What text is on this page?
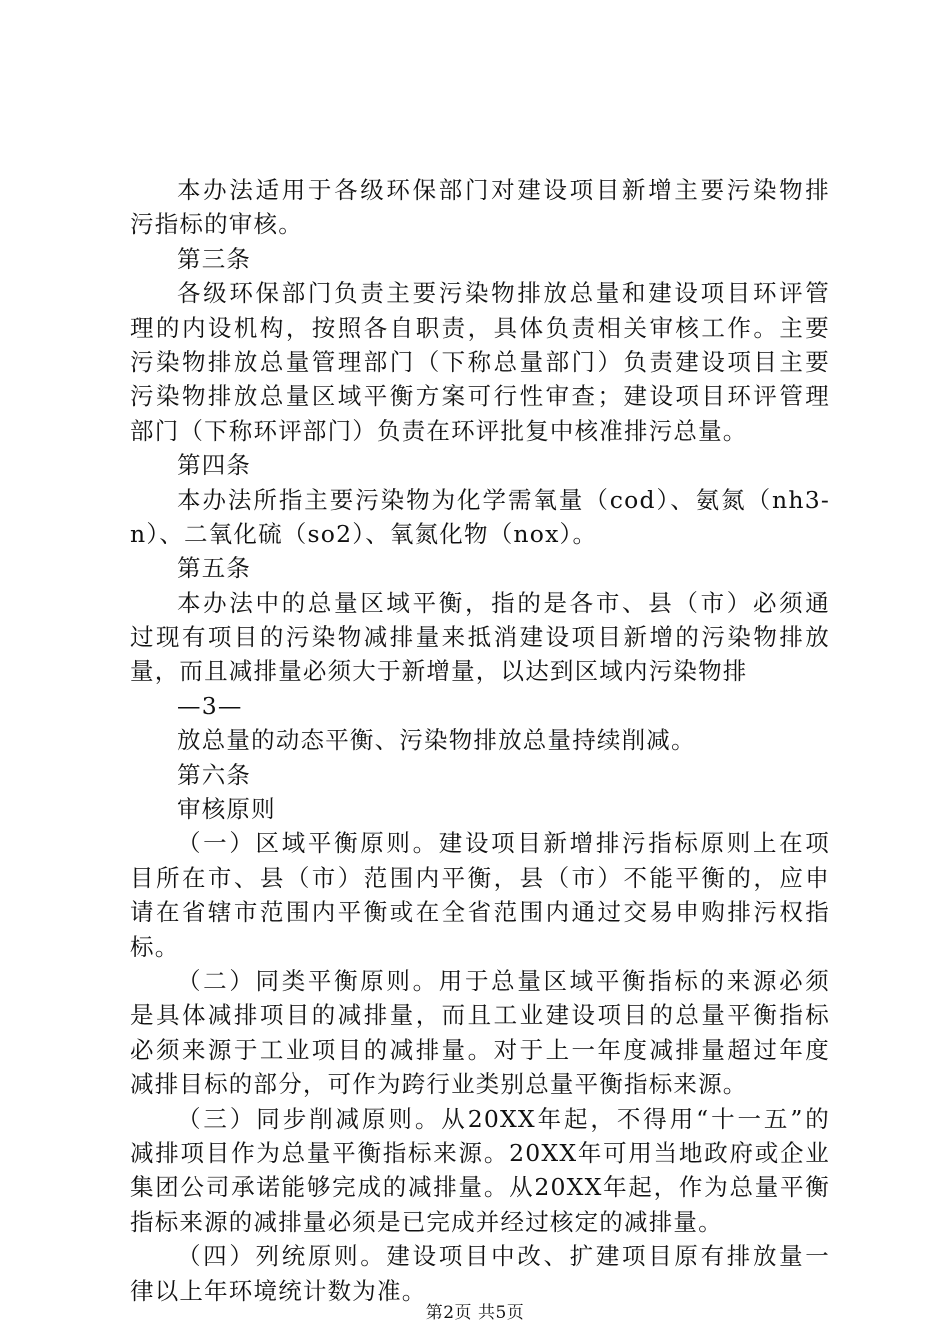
本办法适用于各级环保部门对建设项目新增主要污染物排
污指标的审核。
第三条
各级环保部门负责主要污染物排放总量和建设项目环评管
理的内设机构，按照各自职责，具体负责相关审核工作。主要
污染物排放总量管理部门（下称总量部门）负责建设项目主要
污染物排放总量区域平衡方案可行性审查；建设项目环评管理
部门（下称环评部门）负责在环评批复中核准排污总量。
第四条
本办法所指主要污染物为化学需氧量（cod）、氨氮（nh3-
n）、二氧化硫（so2）、氧氮化物（nox）。
第五条
本办法中的总量区域平衡，指的是各市、县（市）必须通
过现有项目的污染物减排量来抵消建设项目新增的污染物排放
量，而且减排量必须大于新增量，以达到区域内污染物排
—3—
放总量的动态平衡、污染物排放总量持续削减。
第六条
审核原则
（一）区域平衡原则。建设项目新增排污指标原则上在项
目所在市、县（市）范围内平衡，县（市）不能平衡的，应申
请在省辖市范围内平衡或在全省范围内通过交易申购排污权指
标。
（二）同类平衡原则。用于总量区域平衡指标的来源必须
是具体减排项目的减排量，而且工业建设项目的总量平衡指标
必须来源于工业项目的减排量。对于上一年度减排量超过年度
减排目标的部分，可作为跨行业类别总量平衡指标来源。
（三）同步削减原则。从20XX年起，不得用“十一五”的
减排项目作为总量平衡指标来源。20XX年可用当地政府或企业
集团公司承诺能够完成的减排量。从20XX年起，作为总量平衡
指标来源的减排量必须是已完成并经过核定的减排量。
（四）列统原则。建设项目中改、扩建项目原有排放量一
律以上年环境统计数为准。
第2页 共5页
